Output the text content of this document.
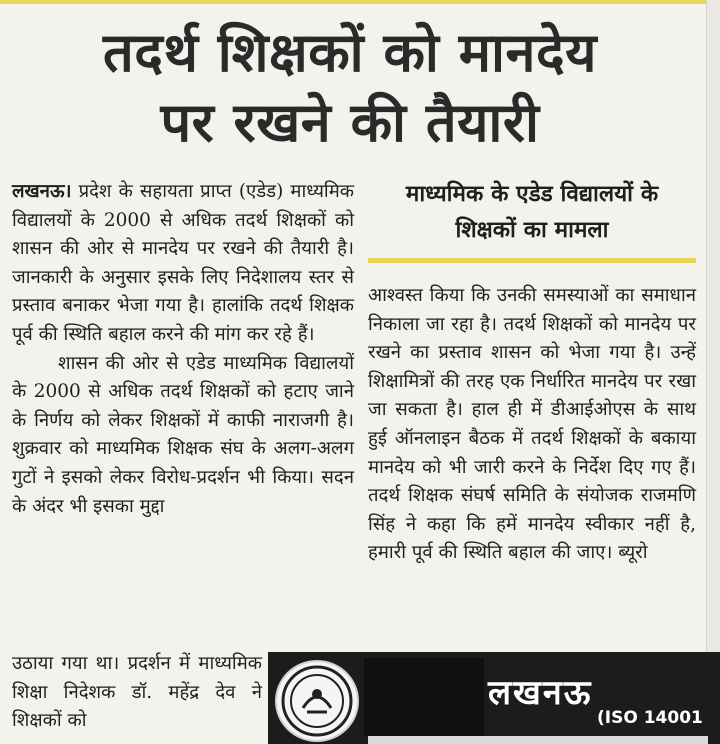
तदर्थ शिक्षकों को मानदेय
पर रखने की तैयारी

लखनऊ। प्रदेश के सहायता प्राप्त (एडेड) माध्यमिक विद्यालयों के 2000 से अधिक तदर्थ शिक्षकों को शासन की ओर से मानदेय पर रखने की तैयारी है। जानकारी के अनुसार इसके लिए निदेशालय स्तर से प्रस्ताव बनाकर भेजा गया है। हालांकि तदर्थ शिक्षक पूर्व की स्थिति बहाल करने की मांग कर रहे हैं।

शासन की ओर से एडेड माध्यमिक विद्यालयों के 2000 से अधिक तदर्थ शिक्षकों को हटाए जाने के निर्णय को लेकर शिक्षकों में काफी नाराजगी है। शुक्रवार को माध्यमिक शिक्षक संघ के अलग-अलग गुटों ने इसको लेकर विरोध-प्रदर्शन भी किया। सदन के अंदर भी इसका मुद्दा

उठाया गया था। प्रदर्शन में माध्यमिक शिक्षा निदेशक डॉ. महेंद्र देव ने शिक्षकों को

माध्यमिक के एडेड विद्यालयों के
शिक्षकों का मामला

आश्वस्त किया कि उनकी समस्याओं का समाधान निकाला जा रहा है। तदर्थ शिक्षकों को मानदेय पर रखने का प्रस्ताव शासन को भेजा गया है। उन्हें शिक्षामित्रों की तरह एक निर्धारित मानदेय पर रखा जा सकता है। हाल ही में डीआईओएस के साथ हुई ऑनलाइन बैठक में तदर्थ शिक्षकों के बकाया मानदेय को भी जारी करने के निर्देश दिए गए हैं। तदर्थ शिक्षक संघर्ष समिति के संयोजक राजमणि सिंह ने कहा कि हमें मानदेय स्वीकार नहीं है, हमारी पूर्व की स्थिति बहाल की जाए। ब्यूरो

लखनऊ
(ISO 14001
